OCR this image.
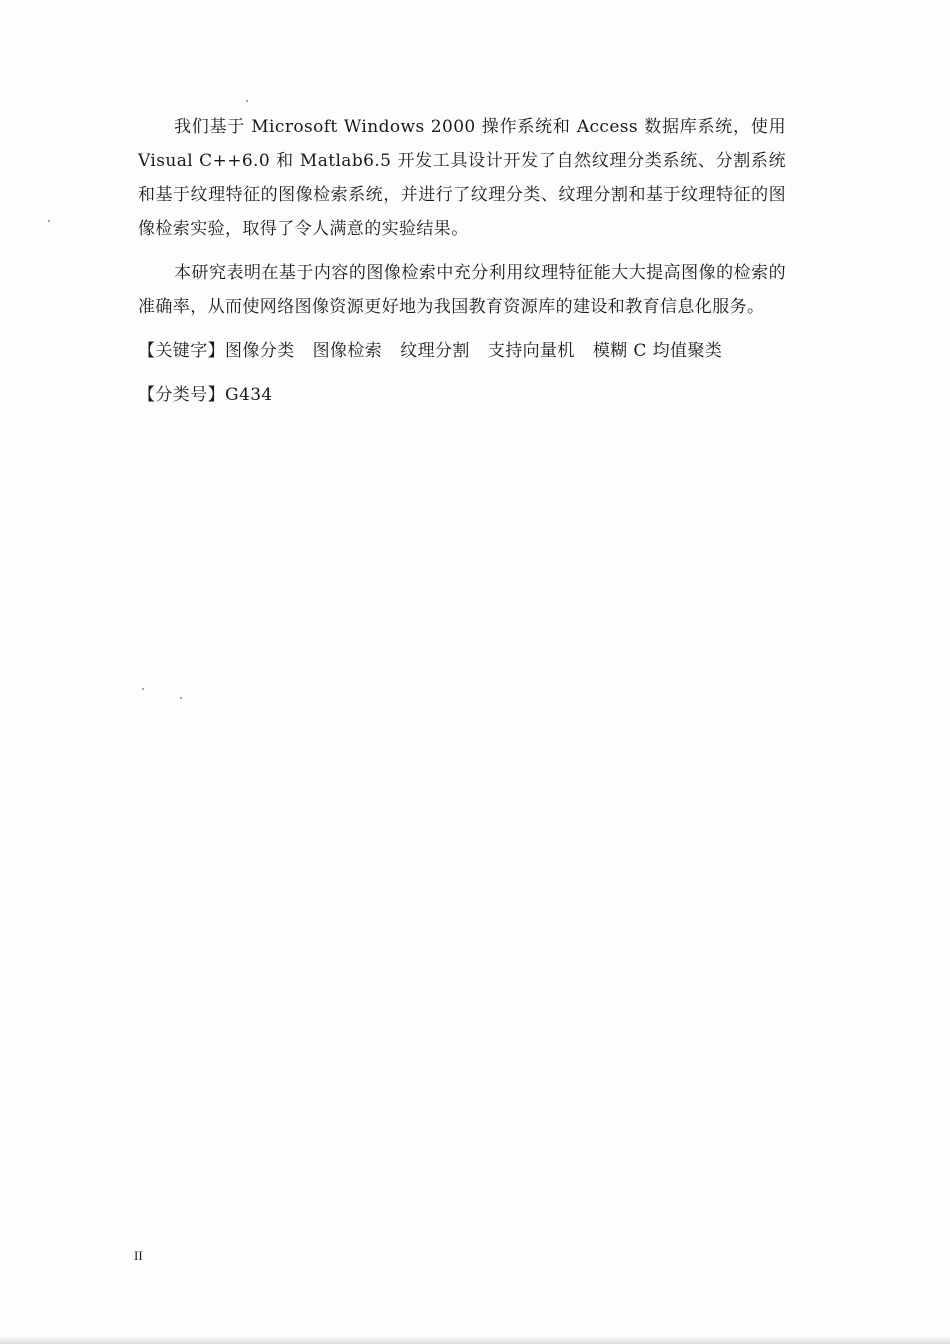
我们基于 Microsoft Windows 2000 操作系统和 Access 数据库系统，使用 Visual C++6.0 和 Matlab6.5 开发工具设计开发了自然纹理分类系统、分割系统和基于纹理特征的图像检索系统，并进行了纹理分类、纹理分割和基于纹理特征的图像检索实验，取得了令人满意的实验结果。

本研究表明在基于内容的图像检索中充分利用纹理特征能大大提高图像的检索的准确率，从而使网络图像资源更好地为我国教育资源库的建设和教育信息化服务。

【关键字】图像分类 图像检索 纹理分割 支持向量机 模糊 C 均值聚类

【分类号】G434

II
